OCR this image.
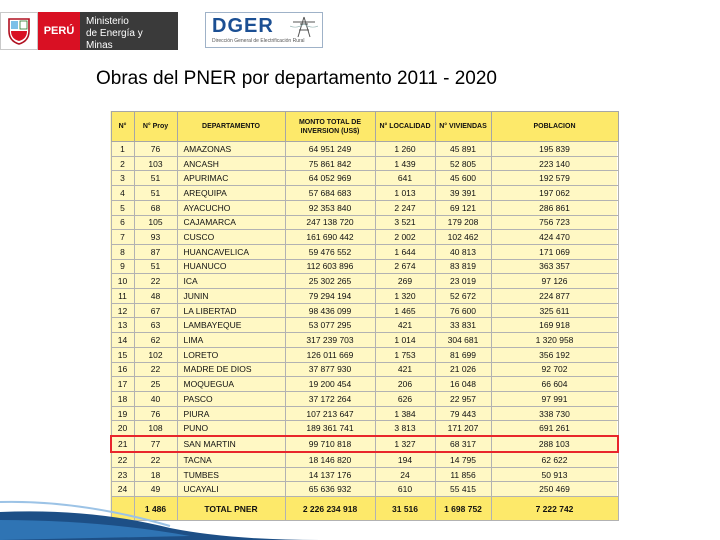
PERÚ
Ministerio
de Energía y Minas
DGER
Dirección General de Electrificación Rural
Obras del PNER por departamento 2011 - 2020
N°	N° Proy	DEPARTAMENTO	MONTO TOTAL DE INVERSION (US$)	N° LOCALIDAD	N° VIVIENDAS	POBLACION
1	76	AMAZONAS	64 951 249	1 260	45 891	195 839
2	103	ANCASH	75 861 842	1 439	52 805	223 140
3	51	APURIMAC	64 052 969	641	45 600	192 579
4	51	AREQUIPA	57 684 683	1 013	39 391	197 062
5	68	AYACUCHO	92 353 840	2 247	69 121	286 861
6	105	CAJAMARCA	247 138 720	3 521	179 208	756 723
7	93	CUSCO	161 690 442	2 002	102 462	424 470
8	87	HUANCAVELICA	59 476 552	1 644	40 813	171 069
9	51	HUANUCO	112 603 896	2 674	83 819	363 357
10	22	ICA	25 302 265	269	23 019	97 126
11	48	JUNIN	79 294 194	1 320	52 672	224 877
12	67	LA LIBERTAD	98 436 099	1 465	76 600	325 611
13	63	LAMBAYEQUE	53 077 295	421	33 831	169 918
14	62	LIMA	317 239 703	1 014	304 681	1 320 958
15	102	LORETO	126 011 669	1 753	81 699	356 192
16	22	MADRE DE DIOS	37 877 930	421	21 026	92 702
17	25	MOQUEGUA	19 200 454	206	16 048	66 604
18	40	PASCO	37 172 264	626	22 957	97 991
19	76	PIURA	107 213 647	1 384	79 443	338 730
20	108	PUNO	189 361 741	3 813	171 207	691 261
21	77	SAN MARTIN	99 710 818	1 327	68 317	288 103
22	22	TACNA	18 146 820	194	14 795	62 622
23	18	TUMBES	14 137 176	24	11 856	50 913
24	49	UCAYALI	65 636 932	610	55 415	250 469
	1 486	TOTAL PNER	2 226 234 918	31 516	1 698 752	7 222 742
